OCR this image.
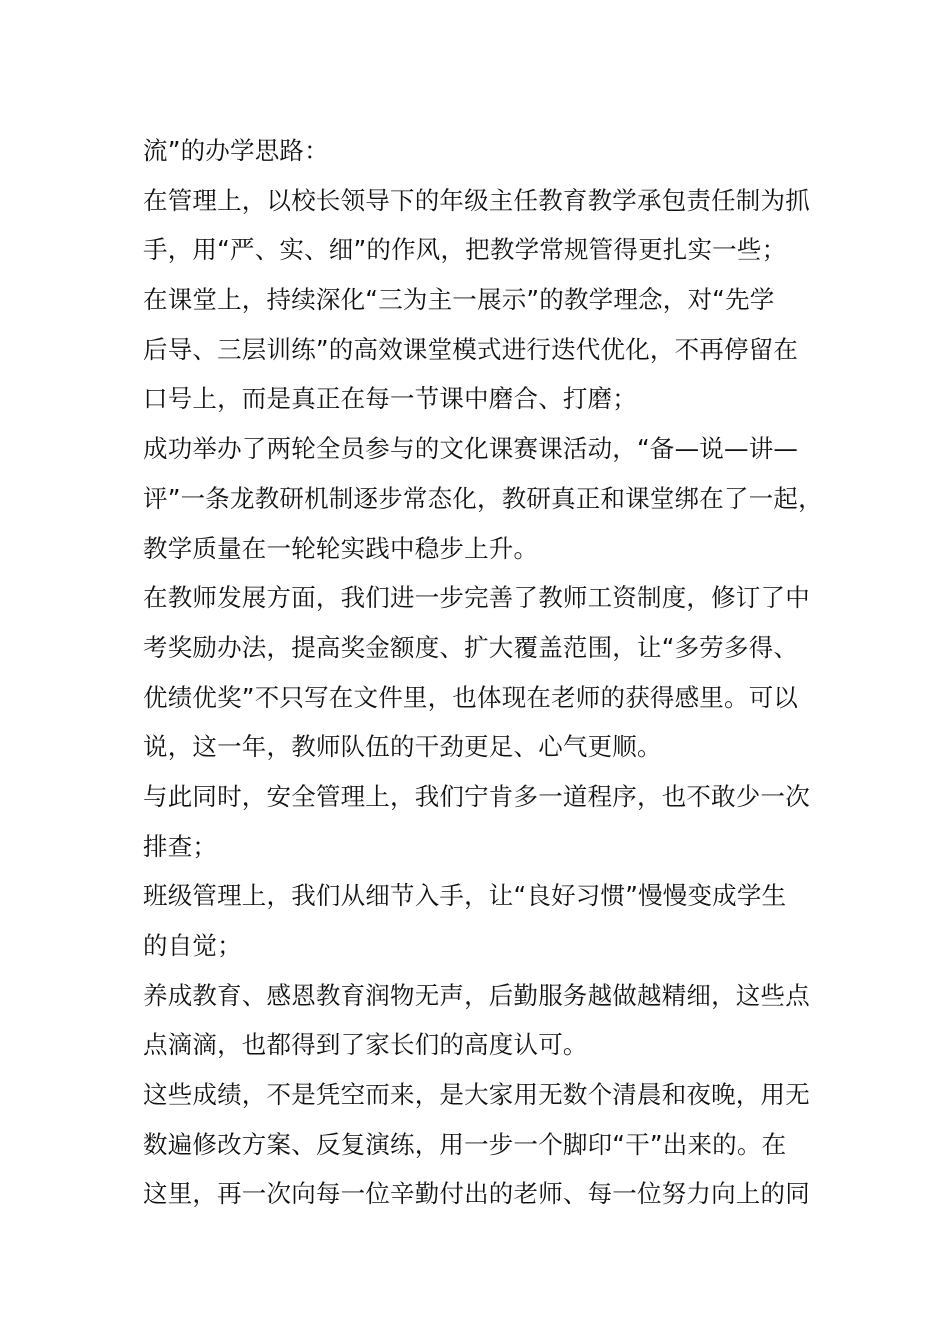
流”的办学思路：
在管理上，以校长领导下的年级主任教育教学承包责任制为抓
手，用“严、实、细”的作风，把教学常规管得更扎实一些；
在课堂上，持续深化“三为主一展示”的教学理念，对“先学
后导、三层训练”的高效课堂模式进行迭代优化，不再停留在
口号上，而是真正在每一节课中磨合、打磨；
成功举办了两轮全员参与的文化课赛课活动，“备—说—讲—
评”一条龙教研机制逐步常态化，教研真正和课堂绑在了一起，
教学质量在一轮轮实践中稳步上升。
在教师发展方面，我们进一步完善了教师工资制度，修订了中
考奖励办法，提高奖金额度、扩大覆盖范围，让“多劳多得、
优绩优奖”不只写在文件里，也体现在老师的获得感里。可以
说，这一年，教师队伍的干劲更足、心气更顺。
与此同时，安全管理上，我们宁肯多一道程序，也不敢少一次
排查；
班级管理上，我们从细节入手，让“良好习惯”慢慢变成学生
的自觉；
养成教育、感恩教育润物无声，后勤服务越做越精细，这些点
点滴滴，也都得到了家长们的高度认可。
这些成绩，不是凭空而来，是大家用无数个清晨和夜晚，用无
数遍修改方案、反复演练，用一步一个脚印“干”出来的。在
这里，再一次向每一位辛勤付出的老师、每一位努力向上的同
